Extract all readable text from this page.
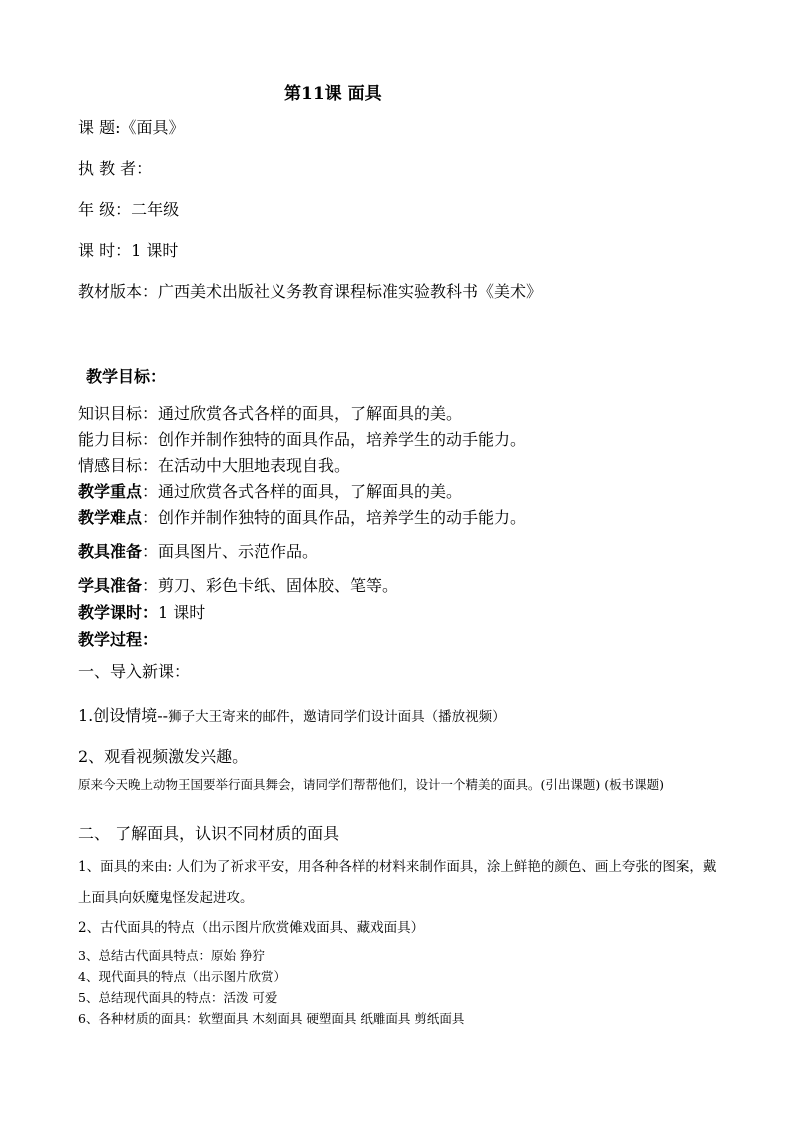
第11课 面具
课 题:《面具》
执 教 者：
年 级：二年级
课 时：1 课时
教材版本：广西美术出版社义务教育课程标准实验教科书《美术》
教学目标：
知识目标：通过欣赏各式各样的面具，了解面具的美。
能力目标：创作并制作独特的面具作品，培养学生的动手能力。
情感目标：在活动中大胆地表现自我。
教学重点：通过欣赏各式各样的面具，了解面具的美。
教学难点：创作并制作独特的面具作品，培养学生的动手能力。
教具准备：面具图片、示范作品。
学具准备：剪刀、彩色卡纸、固体胶、笔等。
教学课时：1 课时
教学过程：
一、导入新课：
1.创设情境--狮子大王寄来的邮件，邀请同学们设计面具（播放视频）
2、观看视频激发兴趣。
原来今天晚上动物王国要举行面具舞会，请同学们帮帮他们，设计一个精美的面具。(引出课题) (板书课题)
二、 了解面具，认识不同材质的面具
1、面具的来由: 人们为了祈求平安，用各种各样的材料来制作面具，涂上鲜艳的颜色、画上夸张的图案，戴上面具向妖魔鬼怪发起进攻。
2、古代面具的特点（出示图片欣赏傩戏面具、藏戏面具）
3、总结古代面具特点：原始 狰狞
4、现代面具的特点（出示图片欣赏）
5、总结现代面具的特点：活泼 可爱
6、各种材质的面具：软塑面具 木刻面具 硬塑面具 纸雕面具 剪纸面具
